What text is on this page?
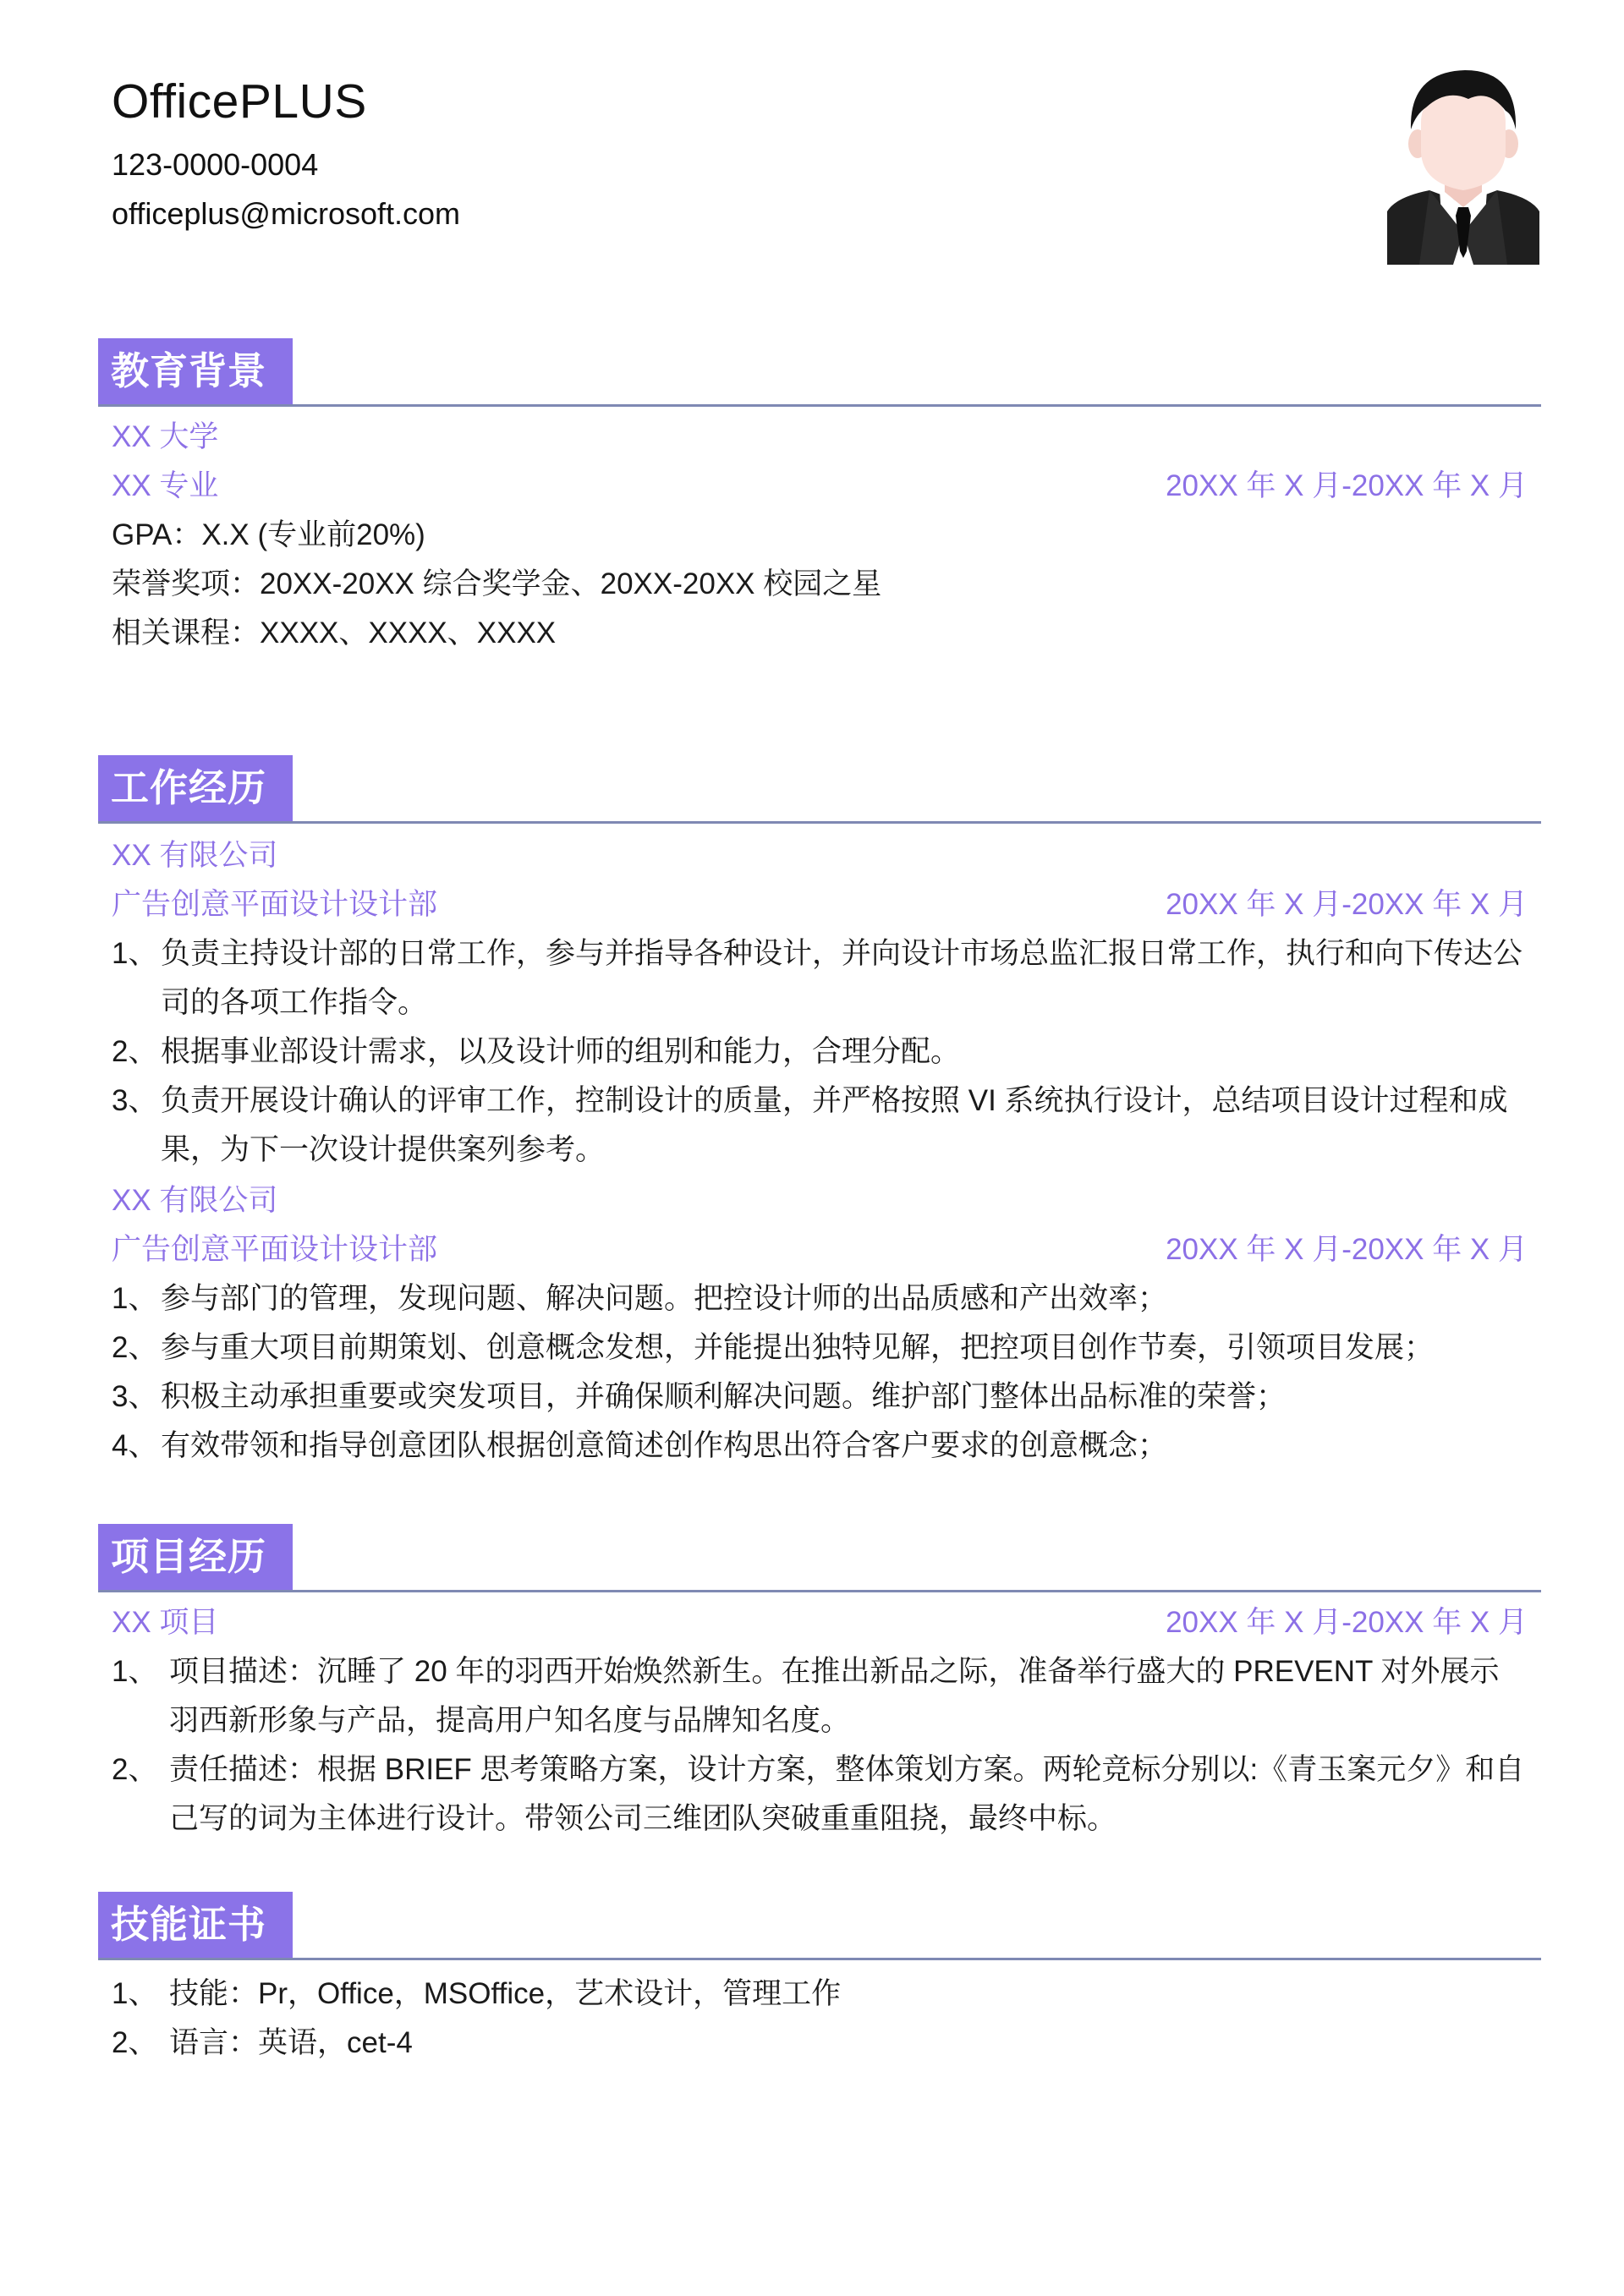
OfficePLUS
123-0000-0004
officeplus@microsoft.com
教育背景
XX 大学
XX 专业	20XX 年 X 月-20XX 年 X 月
GPA：X.X (专业前20%)
荣誉奖项：20XX-20XX 综合奖学金、20XX-20XX 校园之星
相关课程：XXXX、XXXX、XXXX
工作经历
XX 有限公司
广告创意平面设计设计部	20XX 年 X 月-20XX 年 X 月
1、 负责主持设计部的日常工作，参与并指导各种设计，并向设计市场总监汇报日常工作，执行和向下传达公司的各项工作指令。
2、 根据事业部设计需求，以及设计师的组别和能力，合理分配。
3、 负责开展设计确认的评审工作，控制设计的质量，并严格按照 VI 系统执行设计，总结项目设计过程和成果，为下一次设计提供案列参考。
XX 有限公司
广告创意平面设计设计部	20XX 年 X 月-20XX 年 X 月
1、 参与部门的管理，发现问题、解决问题。把控设计师的出品质感和产出效率；
2、 参与重大项目前期策划、创意概念发想，并能提出独特见解，把控项目创作节奏，引领项目发展；
3、 积极主动承担重要或突发项目，并确保顺利解决问题。维护部门整体出品标准的荣誉；
4、 有效带领和指导创意团队根据创意简述创作构思出符合客户要求的创意概念；
项目经历
XX 项目	20XX 年 X 月-20XX 年 X 月
1、 项目描述：沉睡了 20 年的羽西开始焕然新生。在推出新品之际，准备举行盛大的 PREVENT 对外展示羽西新形象与产品，提高用户知名度与品牌知名度。
2、 责任描述：根据 BRIEF 思考策略方案，设计方案，整体策划方案。两轮竞标分别以:《青玉案元夕》和自己写的词为主体进行设计。带领公司三维团队突破重重阻挠，最终中标。
技能证书
1、 技能：Pr，Office，MSOffice，艺术设计，管理工作
2、 语言：英语，cet-4
